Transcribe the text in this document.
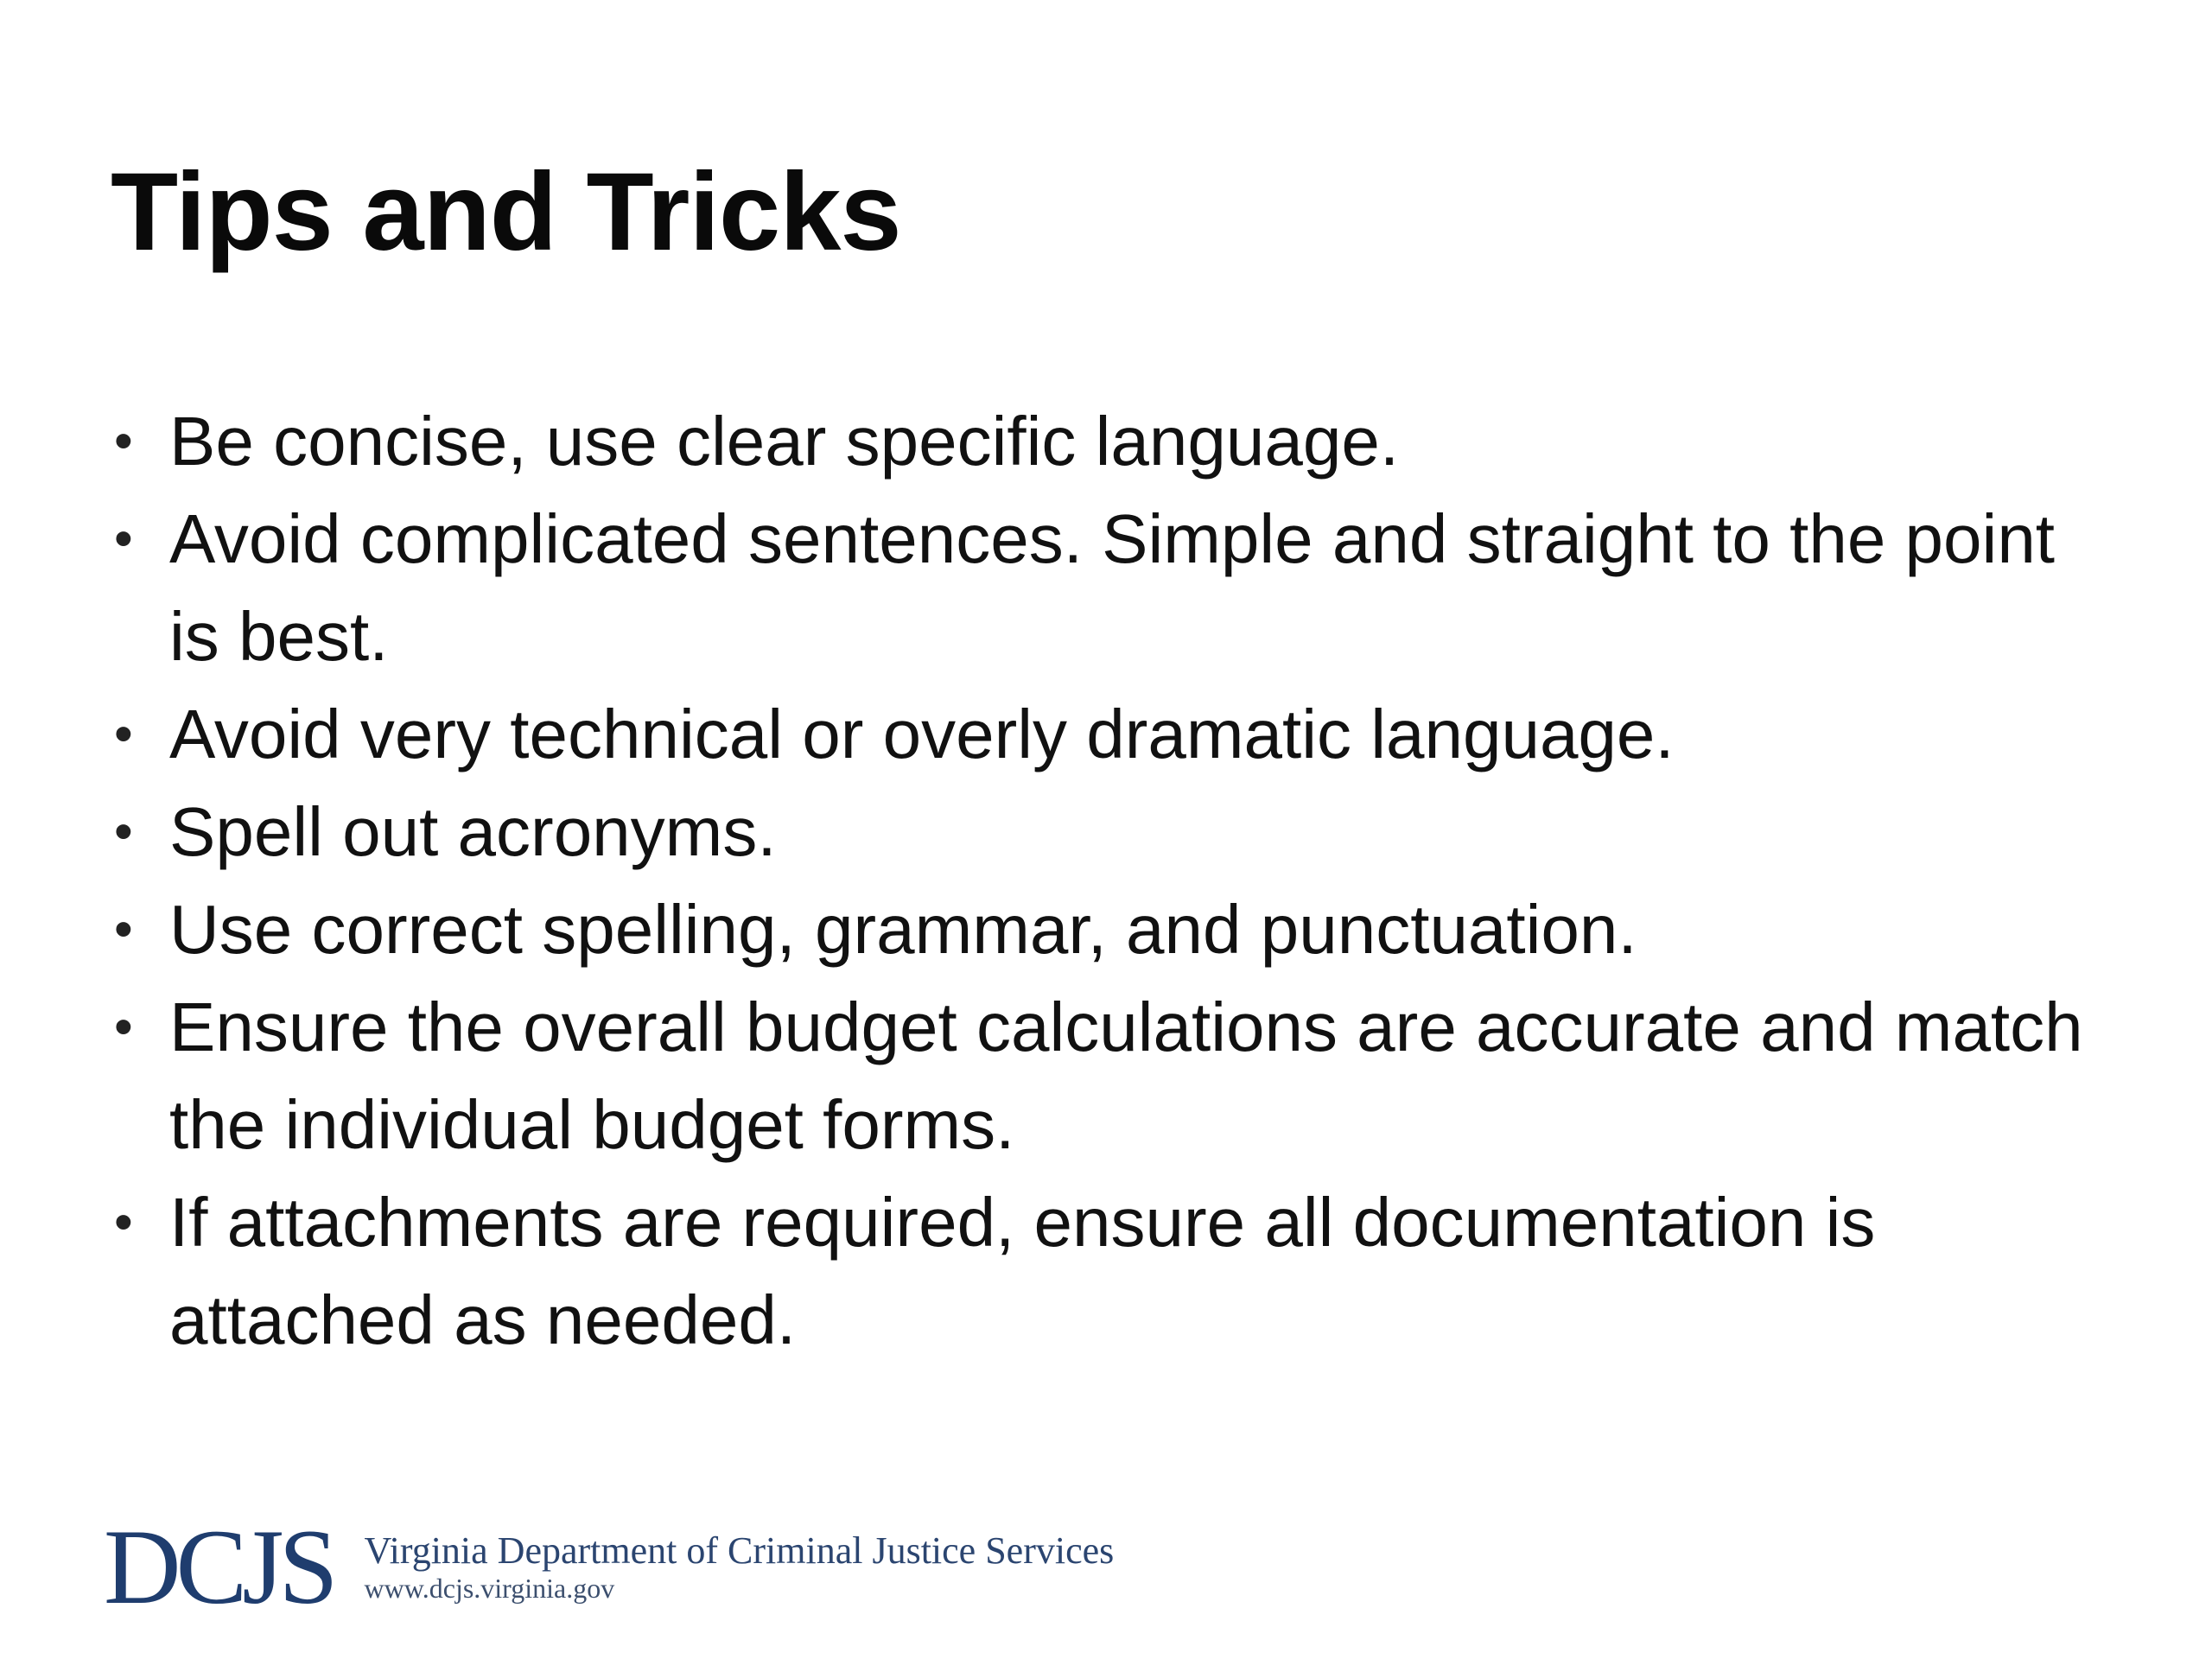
Tips and Tricks
• Be concise, use clear specific language.
• Avoid complicated sentences. Simple and straight to the point is best.
• Avoid very technical or overly dramatic language.
• Spell out acronyms.
• Use correct spelling, grammar, and punctuation.
• Ensure the overall budget calculations are accurate and match the individual budget forms.
• If attachments are required, ensure all documentation is attached as needed.
DCJS Virginia Department of Criminal Justice Services
www.dcjs.virginia.gov
